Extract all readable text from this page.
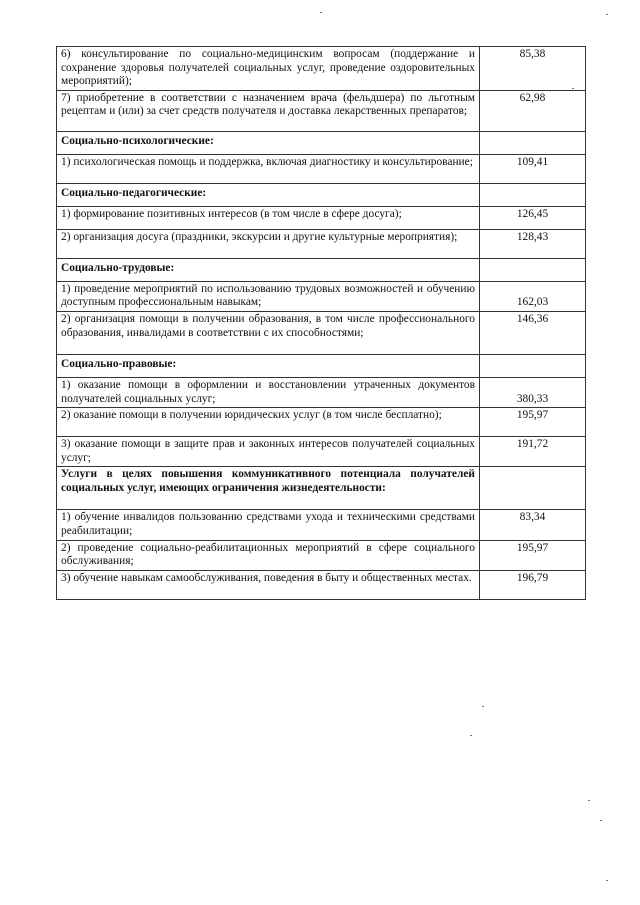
6) консультирование по социально-медицинским вопросам (поддержание и сохранение здоровья получателей социальных услуг, проведение оздоровительных мероприятий);	85,38
7) приобретение в соответствии с назначением врача (фельдшера) по льготным рецептам и (или) за счет средств получателя и доставка лекарственных препаратов;	62,98
Социально-психологические:	
1) психологическая помощь и поддержка, включая диагностику и консультирование;	109,41
Социально-педагогические:	
1) формирование позитивных интересов (в том числе в сфере досуга);	126,45
2) организация досуга (праздники, экскурсии и другие культурные мероприятия);	128,43
Социально-трудовые:	
1) проведение мероприятий по использованию трудовых возможностей и обучению доступным профессиональным навыкам;	162,03
2) организация помощи в получении образования, в том числе профессионального образования, инвалидами в соответствии с их способностями;	146,36
Социально-правовые:	
1) оказание помощи в оформлении и восстановлении утраченных документов получателей социальных услуг;	380,33
2) оказание помощи в получении юридических услуг (в том числе бесплатно);	195,97
3) оказание помощи в защите прав и законных интересов получателей социальных услуг;	191,72
Услуги в целях повышения коммуникативного потенциала получателей социальных услуг, имеющих ограничения жизнедеятельности:	
1) обучение инвалидов пользованию средствами ухода и техническими средствами реабилитации;	83,34
2) проведение социально-реабилитационных мероприятий в сфере социального обслуживания;	195,97
3) обучение навыкам самообслуживания, поведения в быту и общественных местах.	196,79
